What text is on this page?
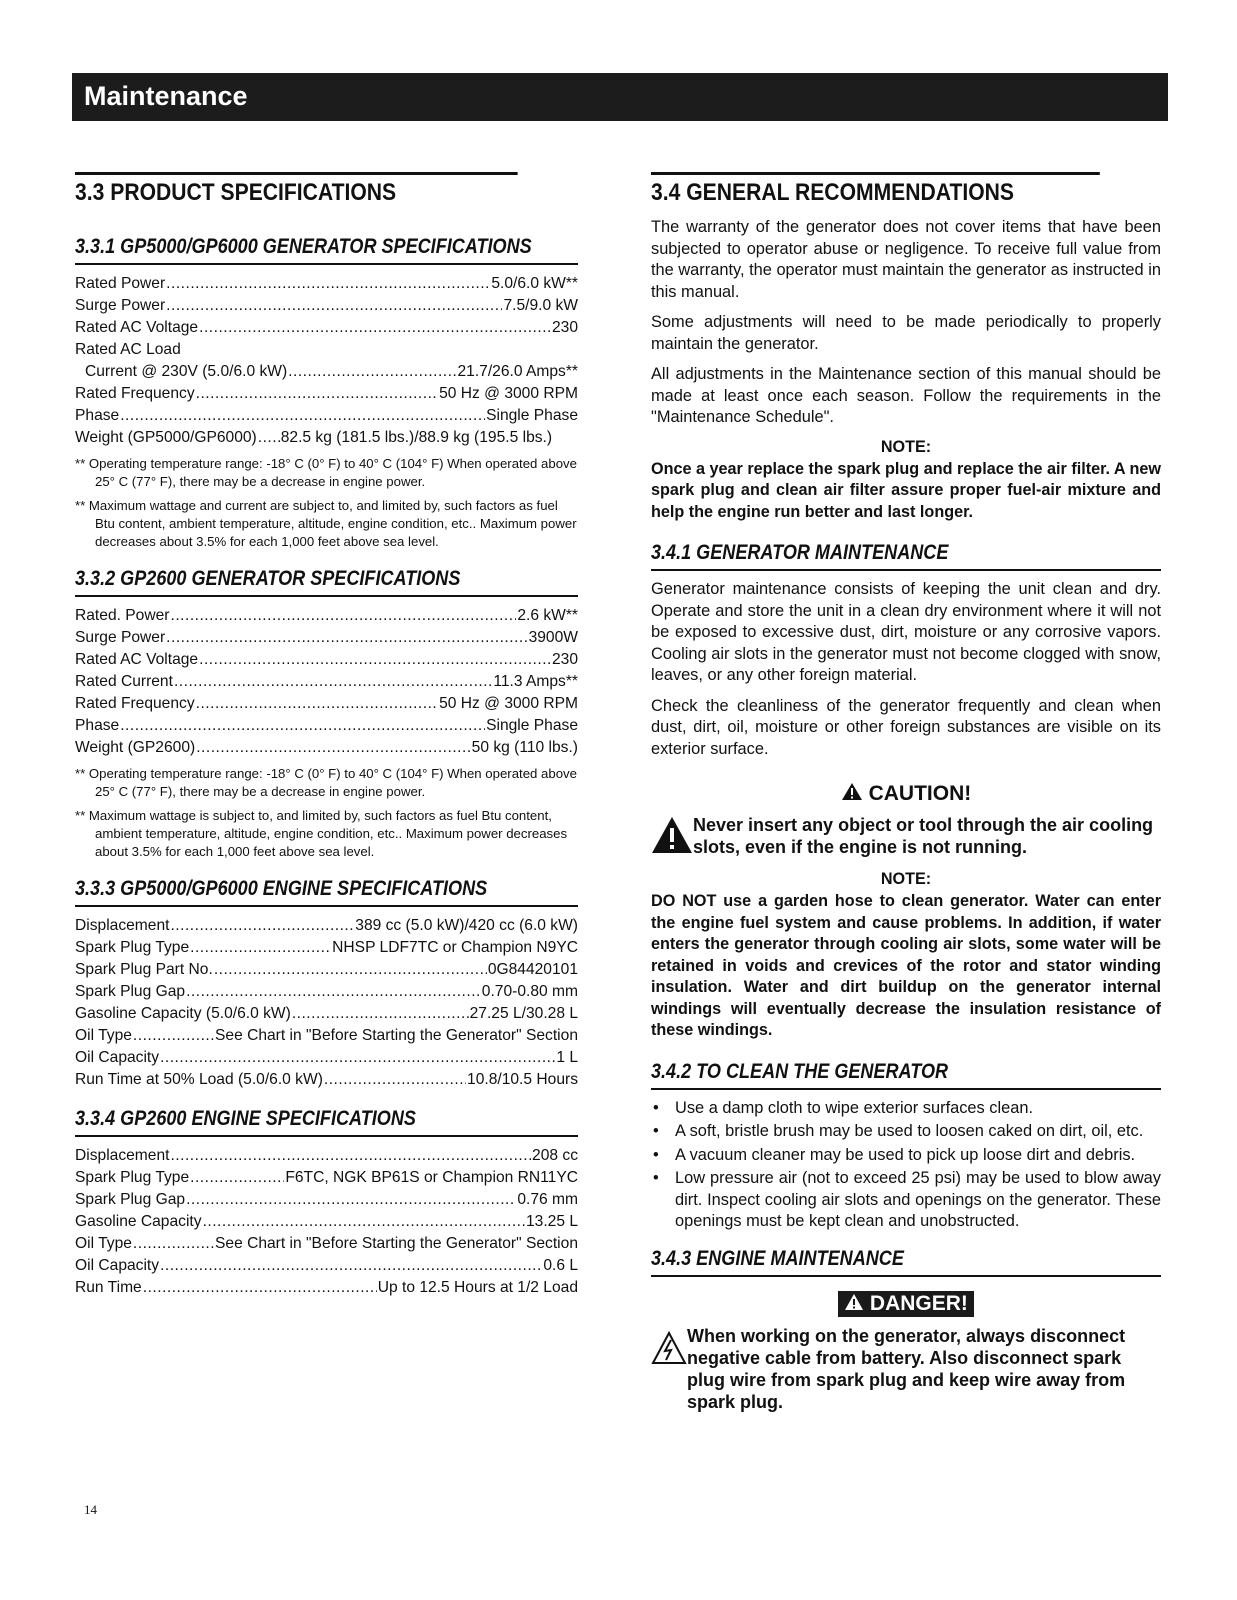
Maintenance
3.3 PRODUCT SPECIFICATIONS
3.3.1 GP5000/GP6000 GENERATOR SPECIFICATIONS
Rated Power .....	5.0/6.0 kW**
Surge Power .....	7.5/9.0 kW
Rated AC Voltage .....	230
Rated AC Load
Current @ 230V (5.0/6.0 kW) .....	21.7/26.0 Amps**
Rated Frequency .....	50 Hz @ 3000 RPM
Phase .....	Single Phase
Weight (GP5000/GP6000) ..... 82.5 kg (181.5 lbs.)/88.9 kg (195.5 lbs.)
** Operating temperature range: -18° C (0° F) to 40° C (104° F) When operated above 25° C (77° F), there may be a decrease in engine power.
** Maximum wattage and current are subject to, and limited by, such factors as fuel Btu content, ambient temperature, altitude, engine condition, etc.. Maximum power decreases about 3.5% for each 1,000 feet above sea level.
3.3.2 GP2600 GENERATOR SPECIFICATIONS
Rated. Power .....	2.6 kW**
Surge Power .....	3900W
Rated AC Voltage .....	230
Rated Current .....	11.3 Amps**
Rated Frequency .....	50 Hz @ 3000 RPM
Phase .....	Single Phase
Weight (GP2600) .....	50 kg (110 lbs.)
** Operating temperature range: -18° C (0° F) to 40° C (104° F) When operated above 25° C (77° F), there may be a decrease in engine power.
** Maximum wattage is subject to, and limited by, such factors as fuel Btu content, ambient temperature, altitude, engine condition, etc.. Maximum power decreases about 3.5% for each 1,000 feet above sea level.
3.3.3 GP5000/GP6000 ENGINE SPECIFICATIONS
Displacement .....	389 cc (5.0 kW)/420 cc (6.0 kW)
Spark Plug Type .....	NHSP LDF7TC or Champion N9YC
Spark Plug Part No. .....	0G84420101
Spark Plug Gap .....	0.70-0.80 mm
Gasoline Capacity (5.0/6.0 kW) .....	27.25 L/30.28 L
Oil Type .....	See Chart in "Before Starting the Generator" Section
Oil Capacity .....	1 L
Run Time at 50% Load (5.0/6.0 kW) .....	10.8/10.5 Hours
3.3.4 GP2600 ENGINE SPECIFICATIONS
Displacement .....	208 cc
Spark Plug Type .....	F6TC, NGK BP61S or Champion RN11YC
Spark Plug Gap .....	0.76 mm
Gasoline Capacity .....	13.25 L
Oil Type .....	See Chart in "Before Starting the Generator" Section
Oil Capacity .....	0.6 L
Run Time .....	Up to 12.5 Hours at 1/2 Load
3.4 GENERAL RECOMMENDATIONS

The warranty of the generator does not cover items that have been subjected to operator abuse or negligence. To receive full value from the warranty, the operator must maintain the generator as instructed in this manual.

Some adjustments will need to be made periodically to properly maintain the generator.

All adjustments in the Maintenance section of this manual should be made at least once each season. Follow the requirements in the "Maintenance Schedule".

NOTE:
Once a year replace the spark plug and replace the air filter. A new spark plug and clean air filter assure proper fuel-air mixture and help the engine run better and last longer.
3.4.1 GENERATOR MAINTENANCE

Generator maintenance consists of keeping the unit clean and dry. Operate and store the unit in a clean dry environment where it will not be exposed to excessive dust, dirt, moisture or any corrosive vapors. Cooling air slots in the generator must not become clogged with snow, leaves, or any other foreign material.

Check the cleanliness of the generator frequently and clean when dust, dirt, oil, moisture or other foreign substances are visible on its exterior surface.

CAUTION!
Never insert any object or tool through the air cooling slots, even if the engine is not running.
NOTE:
DO NOT use a garden hose to clean generator. Water can enter the engine fuel system and cause problems. In addition, if water enters the generator through cooling air slots, some water will be retained in voids and crevices of the rotor and stator winding insulation. Water and dirt buildup on the generator internal windings will eventually decrease the insulation resistance of these windings.
3.4.2 TO CLEAN THE GENERATOR
• Use a damp cloth to wipe exterior surfaces clean.
• A soft, bristle brush may be used to loosen caked on dirt, oil, etc.
• A vacuum cleaner may be used to pick up loose dirt and debris.
• Low pressure air (not to exceed 25 psi) may be used to blow away dirt. Inspect cooling air slots and openings on the generator. These openings must be kept clean and unobstructed.
3.4.3 ENGINE MAINTENANCE
DANGER!
When working on the generator, always disconnect negative cable from battery. Also disconnect spark plug wire from spark plug and keep wire away from spark plug.
14
